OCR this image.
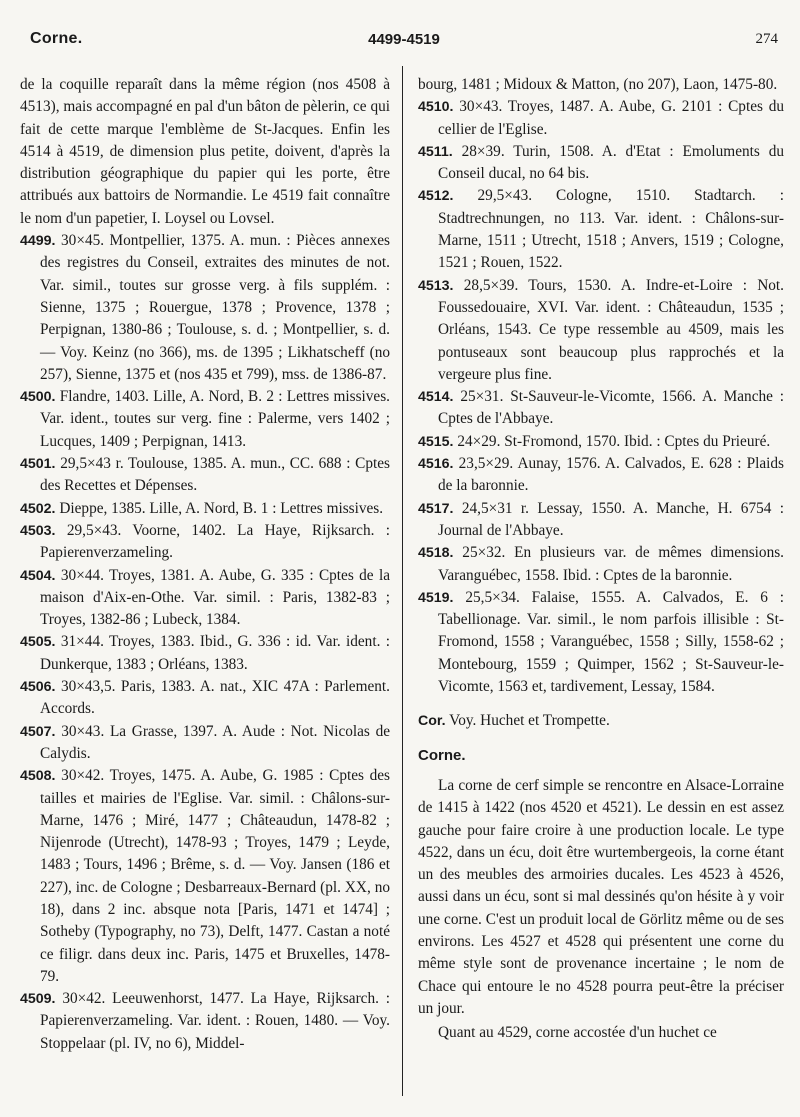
Corne.	4499-4519	274

de la coquille reparaît dans la même région (nos 4508 à 4513), mais accompagné en pal d'un bâton de pèlerin, ce qui fait de cette marque l'emblème de St-Jacques. Enfin les 4514 à 4519, de dimension plus petite, doivent, d'après la distribution géographique du papier qui les porte, être attribués aux battoirs de Normandie. Le 4519 fait connaître le nom d'un papetier, I. Loysel ou Lovsel.

4499. 30×45. Montpellier, 1375. A. mun. : Pièces annexes des registres du Conseil, extraites des minutes de not. Var. simil., toutes sur grosse verg. à fils supplém. : Sienne, 1375 ; Rouergue, 1378 ; Provence, 1378 ; Perpignan, 1380-86 ; Toulouse, s. d. ; Montpellier, s. d. — Voy. Keinz (no 366), ms. de 1395 ; Likhatscheff (no 257), Sienne, 1375 et (nos 435 et 799), mss. de 1386-87.

4500. Flandre, 1403. Lille, A. Nord, B. 2 : Lettres missives. Var. ident., toutes sur verg. fine : Palerme, vers 1402 ; Lucques, 1409 ; Perpignan, 1413.

4501. 29,5×43 r. Toulouse, 1385. A. mun., CC. 688 : Cptes des Recettes et Dépenses.

4502. Dieppe, 1385. Lille, A. Nord, B. 1 : Lettres missives.

4503. 29,5×43. Voorne, 1402. La Haye, Rijksarch. : Papierenverzameling.

4504. 30×44. Troyes, 1381. A. Aube, G. 335 : Cptes de la maison d'Aix-en-Othe. Var. simil. : Paris, 1382-83 ; Troyes, 1382-86 ; Lubeck, 1384.

4505. 31×44. Troyes, 1383. Ibid., G. 336 : id. Var. ident. : Dunkerque, 1383 ; Orléans, 1383.

4506. 30×43,5. Paris, 1383. A. nat., XIC 47A : Parlement. Accords.

4507. 30×43. La Grasse, 1397. A. Aude : Not. Nicolas de Calydis.

4508. 30×42. Troyes, 1475. A. Aube, G. 1985 : Cptes des tailles et mairies de l'Eglise. Var. simil. : Châlons-sur-Marne, 1476 ; Miré, 1477 ; Châteaudun, 1478-82 ; Nijenrode (Utrecht), 1478-93 ; Troyes, 1479 ; Leyde, 1483 ; Tours, 1496 ; Brême, s. d. — Voy. Jansen (186 et 227), inc. de Cologne ; Desbarreaux-Bernard (pl. XX, no 18), dans 2 inc. absque nota [Paris, 1471 et 1474] ; Sotheby (Typography, no 73), Delft, 1477. Castan a noté ce filigr. dans deux inc. Paris, 1475 et Bruxelles, 1478-79.

4509. 30×42. Leeuwenhorst, 1477. La Haye, Rijksarch. : Papierenverzameling. Var. ident. : Rouen, 1480. — Voy. Stoppelaar (pl. IV, no 6), Middel-

bourg, 1481 ; Midoux & Matton, (no 207), Laon, 1475-80.

4510. 30×43. Troyes, 1487. A. Aube, G. 2101 : Cptes du cellier de l'Eglise.

4511. 28×39. Turin, 1508. A. d'Etat : Emoluments du Conseil ducal, no 64 bis.

4512. 29,5×43. Cologne, 1510. Stadtarch. : Stadtrechnungen, no 113. Var. ident. : Châlons-sur-Marne, 1511 ; Utrecht, 1518 ; Anvers, 1519 ; Cologne, 1521 ; Rouen, 1522.

4513. 28,5×39. Tours, 1530. A. Indre-et-Loire : Not. Foussedouaire, XVI. Var. ident. : Châteaudun, 1535 ; Orléans, 1543. Ce type ressemble au 4509, mais les pontuseaux sont beaucoup plus rapprochés et la vergeure plus fine.

4514. 25×31. St-Sauveur-le-Vicomte, 1566. A. Manche : Cptes de l'Abbaye.

4515. 24×29. St-Fromond, 1570. Ibid. : Cptes du Prieuré.

4516. 23,5×29. Aunay, 1576. A. Calvados, E. 628 : Plaids de la baronnie.

4517. 24,5×31 r. Lessay, 1550. A. Manche, H. 6754 : Journal de l'Abbaye.

4518. 25×32. En plusieurs var. de mêmes dimensions. Varanguébec, 1558. Ibid. : Cptes de la baronnie.

4519. 25,5×34. Falaise, 1555. A. Calvados, E. 6 : Tabellionage. Var. simil., le nom parfois illisible : St-Fromond, 1558 ; Varanguébec, 1558 ; Silly, 1558-62 ; Montebourg, 1559 ; Quimper, 1562 ; St-Sauveur-le-Vicomte, 1563 et, tardivement, Lessay, 1584.

Cor. Voy. Huchet et Trompette.

Corne.

La corne de cerf simple se rencontre en Alsace-Lorraine de 1415 à 1422 (nos 4520 et 4521). Le dessin en est assez gauche pour faire croire à une production locale. Le type 4522, dans un écu, doit être wurtembergeois, la corne étant un des meubles des armoiries ducales. Les 4523 à 4526, aussi dans un écu, sont si mal dessinés qu'on hésite à y voir une corne. C'est un produit local de Görlitz même ou de ses environs. Les 4527 et 4528 qui présentent une corne du même style sont de provenance incertaine ; le nom de Chace qui entoure le no 4528 pourra peut-être la préciser un jour.

Quant au 4529, corne accostée d'un huchet ce
